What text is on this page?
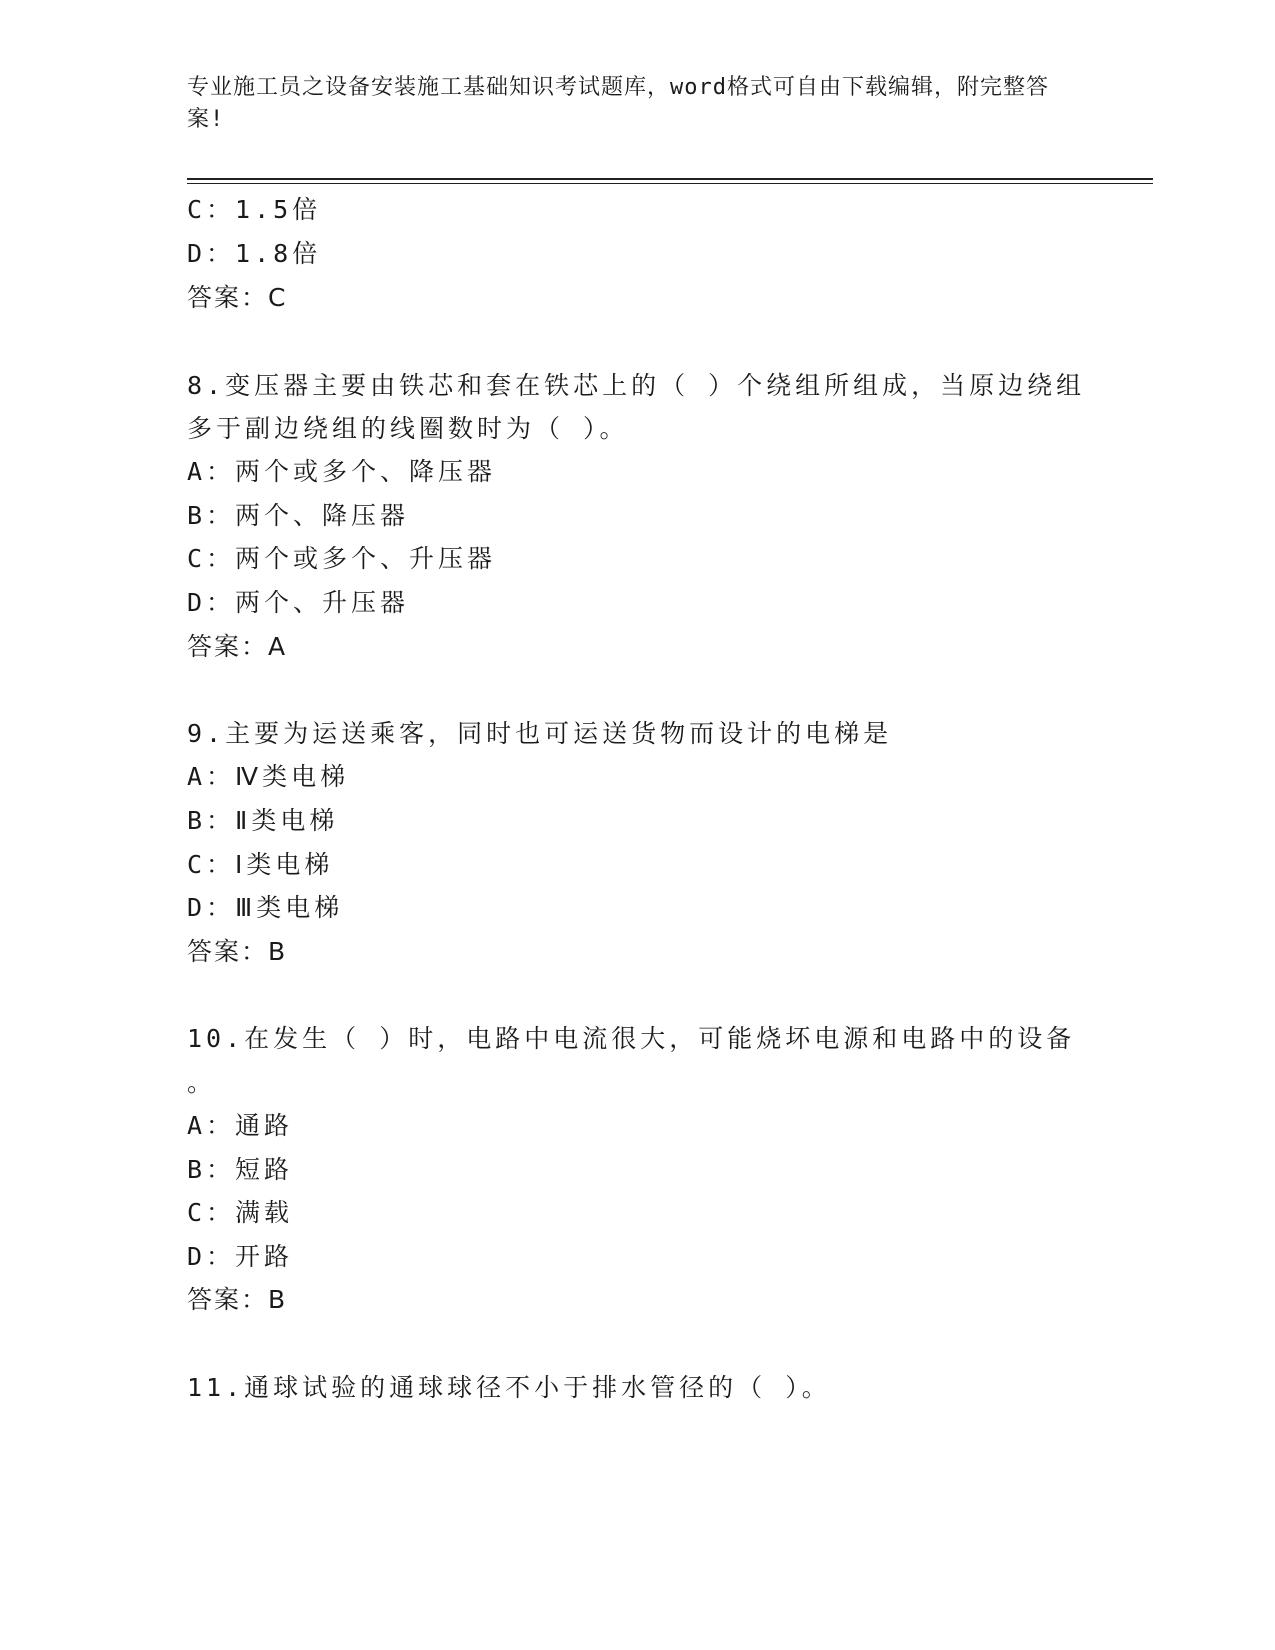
专业施工员之设备安装施工基础知识考试题库，word格式可自由下载编辑，附完整答案!
C：1.5倍
D：1.8倍
答案：C
8.变压器主要由铁芯和套在铁芯上的（ ）个绕组所组成，当原边绕组
多于副边绕组的线圈数时为（ ）。
A：两个或多个、降压器
B：两个、降压器
C：两个或多个、升压器
D：两个、升压器
答案：A
9.主要为运送乘客，同时也可运送货物而设计的电梯是
A：Ⅳ类电梯
B：Ⅱ类电梯
C：Ⅰ类电梯
D：Ⅲ类电梯
答案：B
10.在发生（ ）时，电路中电流很大，可能烧坏电源和电路中的设备
。
A：通路
B：短路
C：满载
D：开路
答案：B
11.通球试验的通球球径不小于排水管径的（ ）。
